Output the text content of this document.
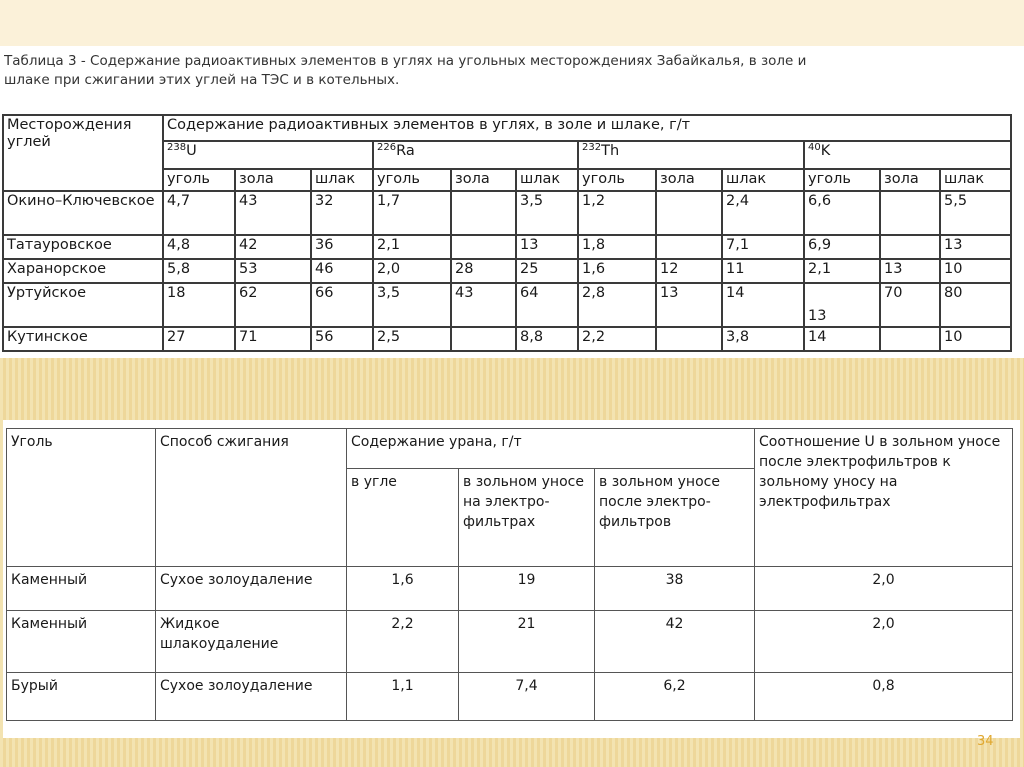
Таблица 3 - Содержание радиоактивных элементов в углях на угольных месторождениях Забайкалья, в золе и
шлаке при сжигании этих углей на ТЭС и в котельных.
Месторождения углей	Содержание радиоактивных элементов в углях, в золе и шлаке, г/т											
	$^{238}$U			$^{226}$Ra			$^{232}$Th			$^{40}$K		
	уголь	зола	шлак	уголь	зола	шлак	уголь	зола	шлак	уголь	зола	шлак
Окино–Ключевское	4,7	43	32	1,7		3,5	1,2		2,4	6,6		5,5
Татауровское	4,8	42	36	2,1		13	1,8		7,1	6,9		13
Харанорское	5,8	53	46	2,0	28	25	1,6	12	11	2,1	13	10
Уртуйское	18	62	66	3,5	43	64	2,8	13	14	13	70	80
Кутинское	27	71	56	2,5		8,8	2,2		3,8	14		10
Уголь	Способ сжигания	Содержание урана, г/т			Соотношение U в зольном уносе после электрофильтров к зольному уносу на электрофильтрах
		в угле	в зольном уносе на электро-фильтрах	в зольном уносе после электро-фильтров	
Каменный	Сухое золоудаление	1,6	19	38	2,0
Каменный	Жидкое шлакоудаление	2,2	21	42	2,0
Бурый	Сухое золоудаление	1,1	7,4	6,2	0,8
34
